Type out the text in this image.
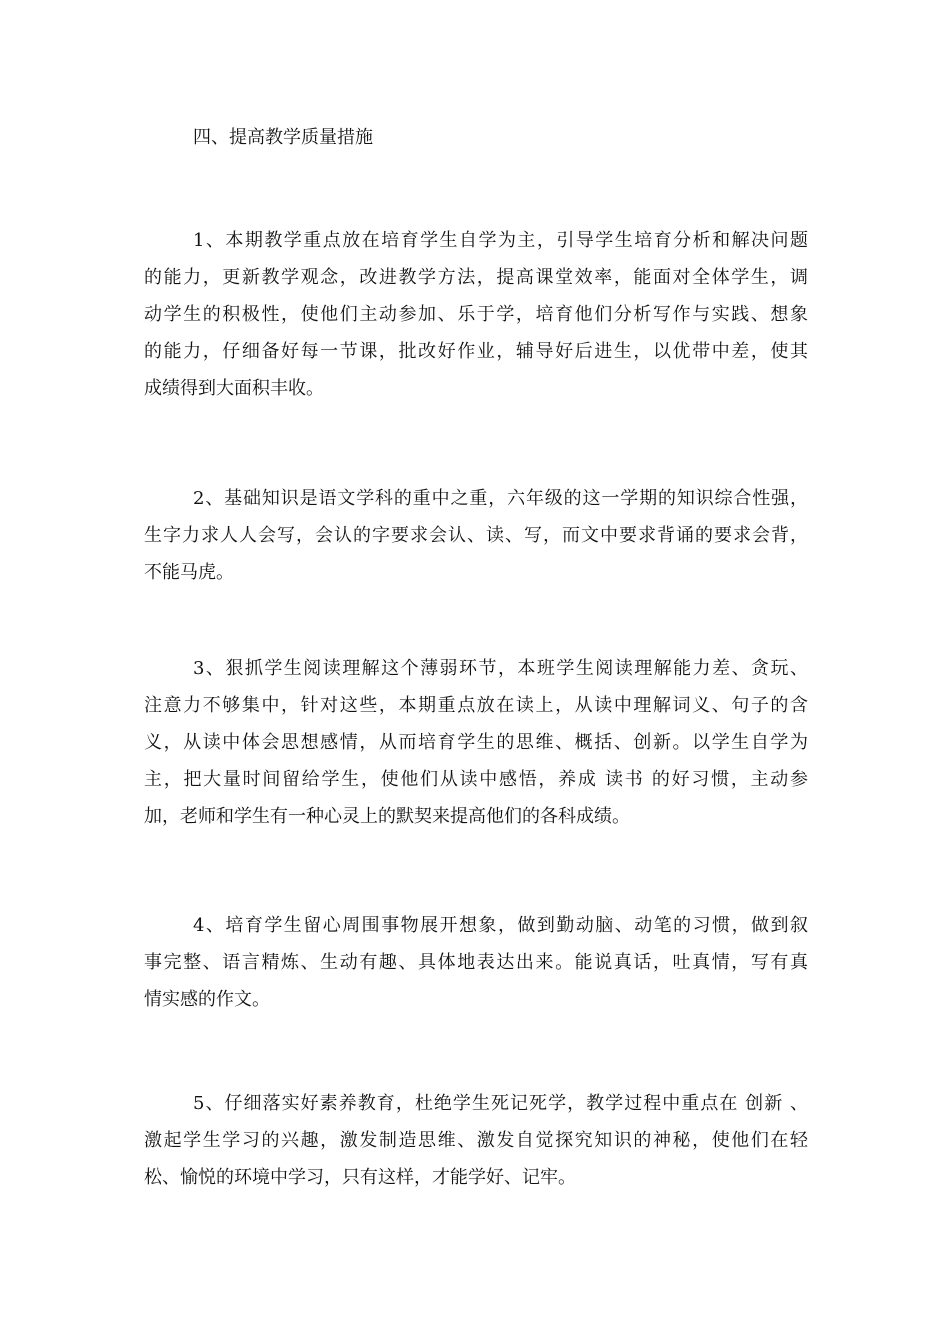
四、提高教学质量措施

1、本期教学重点放在培育学生自学为主，引导学生培育分析和解决问题
的能力，更新教学观念，改进教学方法，提高课堂效率，能面对全体学生，调
动学生的积极性，使他们主动参加、乐于学，培育他们分析写作与实践、想象
的能力，仔细备好每一节课，批改好作业，辅导好后进生，以优带中差，使其
成绩得到大面积丰收。

2、基础知识是语文学科的重中之重，六年级的这一学期的知识综合性强，
生字力求人人会写，会认的字要求会认、读、写，而文中要求背诵的要求会背，
不能马虎。

3、狠抓学生阅读理解这个薄弱环节，本班学生阅读理解能力差、贪玩、
注意力不够集中，针对这些，本期重点放在读上，从读中理解词义、句子的含
义，从读中体会思想感情，从而培育学生的思维、概括、创新。以学生自学为
主，把大量时间留给学生，使他们从读中感悟，养成 读书 的好习惯，主动参
加，老师和学生有一种心灵上的默契来提高他们的各科成绩。

4、培育学生留心周围事物展开想象，做到勤动脑、动笔的习惯，做到叙
事完整、语言精炼、生动有趣、具体地表达出来。能说真话，吐真情，写有真
情实感的作文。

5、仔细落实好素养教育，杜绝学生死记死学，教学过程中重点在 创新 、
激起学生学习的兴趣，激发制造思维、激发自觉探究知识的神秘，使他们在轻
松、愉悦的环境中学习，只有这样，才能学好、记牢。
